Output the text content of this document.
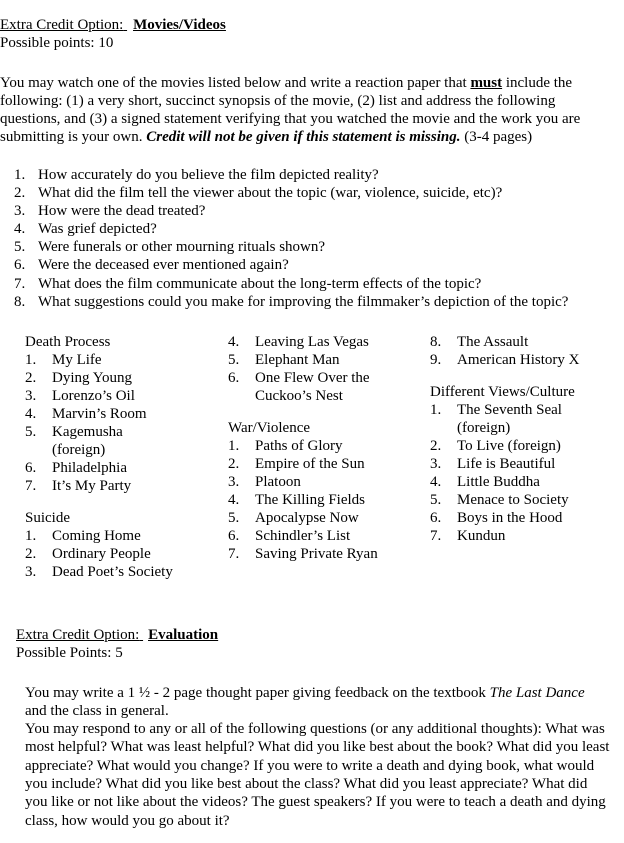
Extra Credit Option: Movies/Videos
Possible points: 10

You may watch one of the movies listed below and write a reaction paper that must include the following: (1) a very short, succinct synopsis of the movie, (2) list and address the following questions, and (3) a signed statement verifying that you watched the movie and the work you are submitting is your own. Credit will not be given if this statement is missing. (3-4 pages)

1. How accurately do you believe the film depicted reality?
2. What did the film tell the viewer about the topic (war, violence, suicide, etc)?
3. How were the dead treated?
4. Was grief depicted?
5. Were funerals or other mourning rituals shown?
6. Were the deceased ever mentioned again?
7. What does the film communicate about the long-term effects of the topic?
8. What suggestions could you make for improving the filmmaker’s depiction of the topic?
Death Process
1.	My Life
2.	Dying Young
3.	Lorenzo’s Oil
4.	Marvin’s Room
5.	Kagemusha
(foreign)
6.	Philadelphia
7.	It’s My Party
Suicide
1.	Coming Home
2.	Ordinary People
3.	Dead Poet’s Society
4.	Leaving Las Vegas
5.	Elephant Man
6.	One Flew Over the
Cuckoo’s Nest
War/Violence
1.	Paths of Glory
2.	Empire of the Sun
3.	Platoon
4.	The Killing Fields
5.	Apocalypse Now
6.	Schindler’s List
7.	Saving Private Ryan
8.	The Assault
9.	American History X
Different Views/Culture
1.	The Seventh Seal
(foreign)
2.	To Live (foreign)
3.	Life is Beautiful
4.	Little Buddha
5.	Menace to Society
6.	Boys in the Hood
7.	Kundun
Extra Credit Option: Evaluation
Possible Points: 5

You may write a 1 ½ - 2 page thought paper giving feedback on the textbook The Last Dance and the class in general.

You may respond to any or all of the following questions (or any additional thoughts): What was most helpful? What was least helpful? What did you like best about the book? What did you least appreciate? What would you change? If you were to write a death and dying book, what would you include? What did you like best about the class? What did you least appreciate? What did you like or not like about the videos? The guest speakers? If you were to teach a death and dying class, how would you go about it?
